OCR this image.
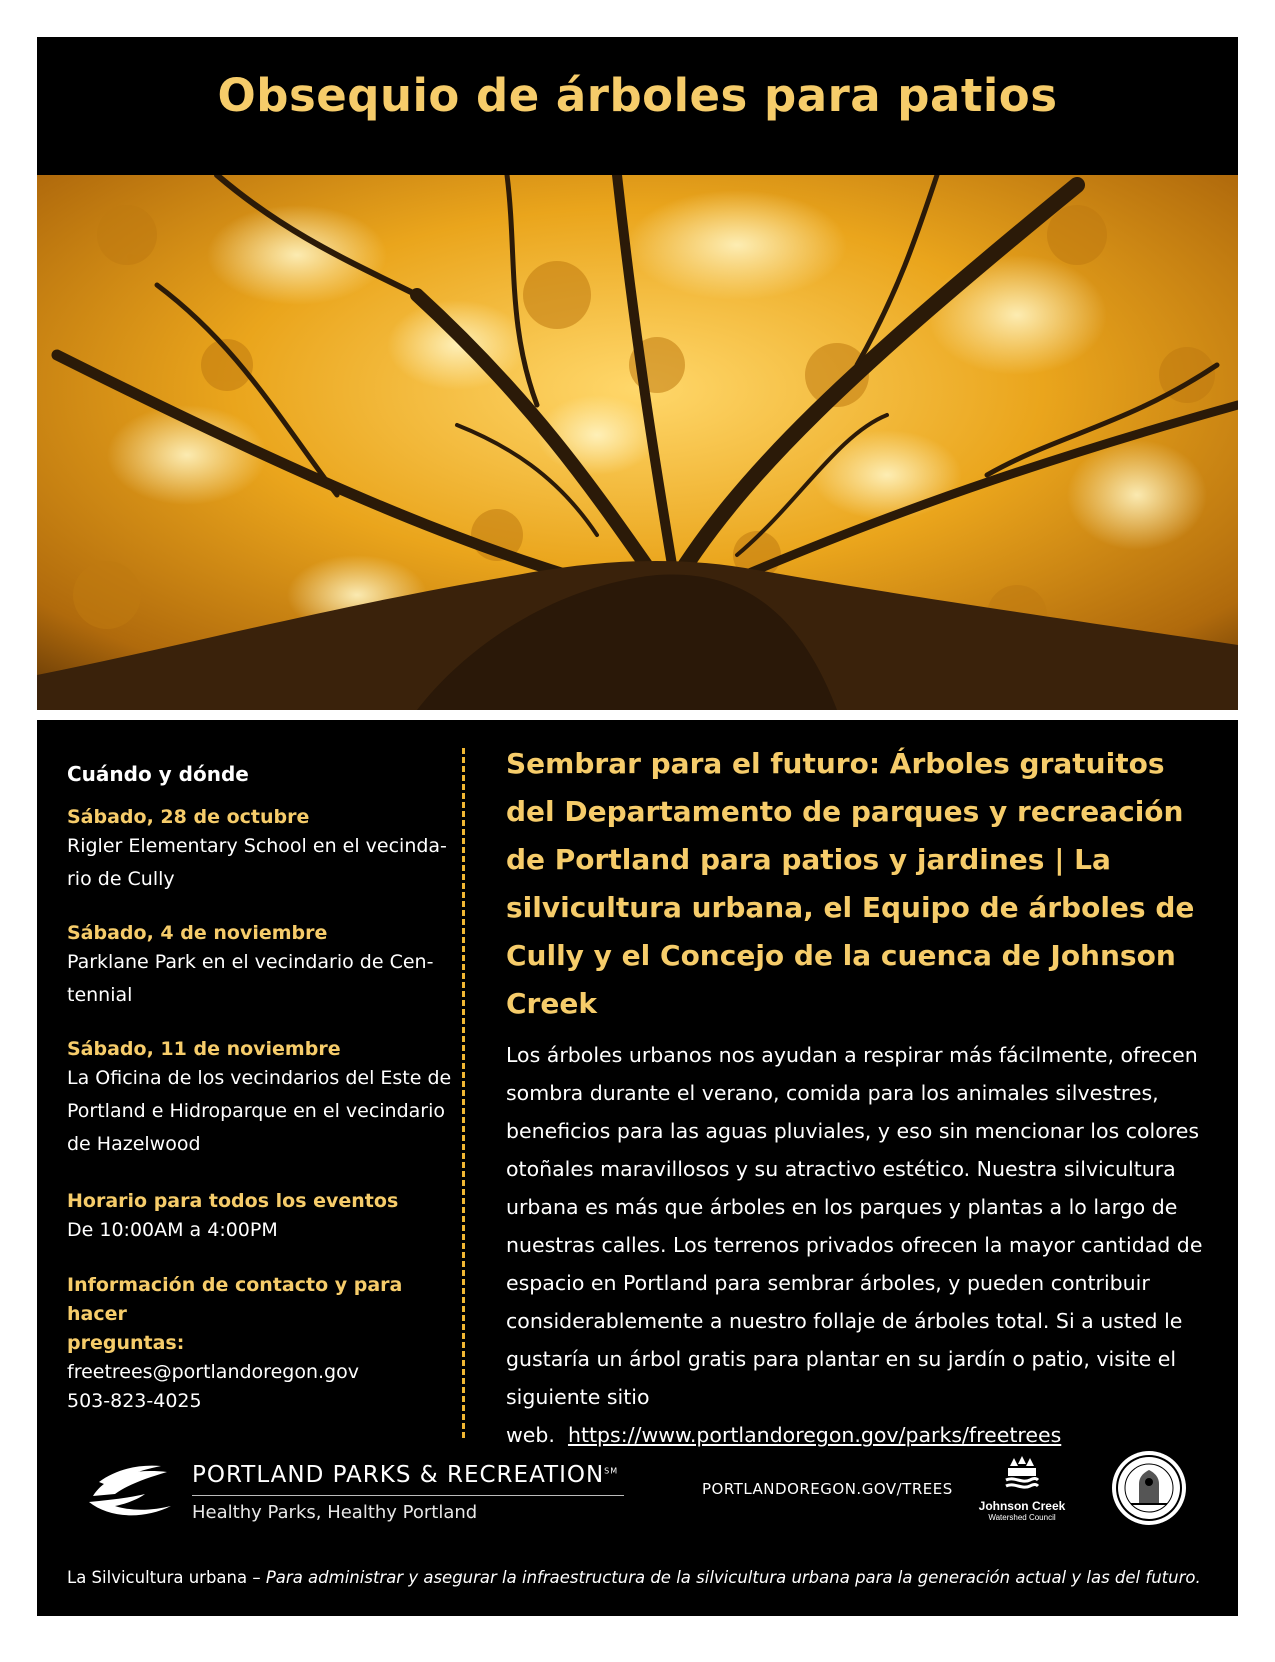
Obsequio de árboles para patios

Cuándo y dónde

Sábado, 28 de octubre

Rigler Elementary School en el vecinda-
rio de Cully

Sábado, 4 de noviembre

Parklane Park en el vecindario de Cen-
tennial

Sábado, 11 de noviembre

La Oficina de los vecindarios del Este de
Portland e Hidroparque en el vecindario
de Hazelwood

Horario para todos los eventos

De 10:00AM a 4:00PM

Información de contacto y para hacer
preguntas:

freetrees@portlandoregon.gov

503-823-4025

Sembrar para el futuro: Árboles gratuitos del Departamento de parques y recreación de Portland para patios y jardines | La silvicultura urbana, el Equipo de árboles de Cully y el Concejo de la cuenca de Johnson Creek

Los árboles urbanos nos ayudan a respirar más fácilmente, ofrecen sombra durante el verano, comida para los animales silvestres, beneficios para las aguas pluviales, y eso sin mencionar los colores otoñales maravillosos y su atractivo estético. Nuestra silvicultura urbana es más que árboles en los parques y plantas a lo largo de nuestras calles. Los terrenos privados ofrecen la mayor cantidad de espacio en Portland para sembrar árboles, y pueden contribuir considerablemente a nuestro follaje de árboles total. Si a usted le gustaría un árbol gratis para plantar en su jardín o patio, visite el siguiente sitio web. https://www.portlandoregon.gov/parks/freetrees

PORTLAND PARKS & RECREATION℠
Healthy Parks, Healthy Portland
PORTLANDOREGON.GOV/TREES
Johnson Creek
Watershed Council
La Silvicultura urbana – Para administrar y asegurar la infraestructura de la silvicultura urbana para la generación actual y las del futuro.
